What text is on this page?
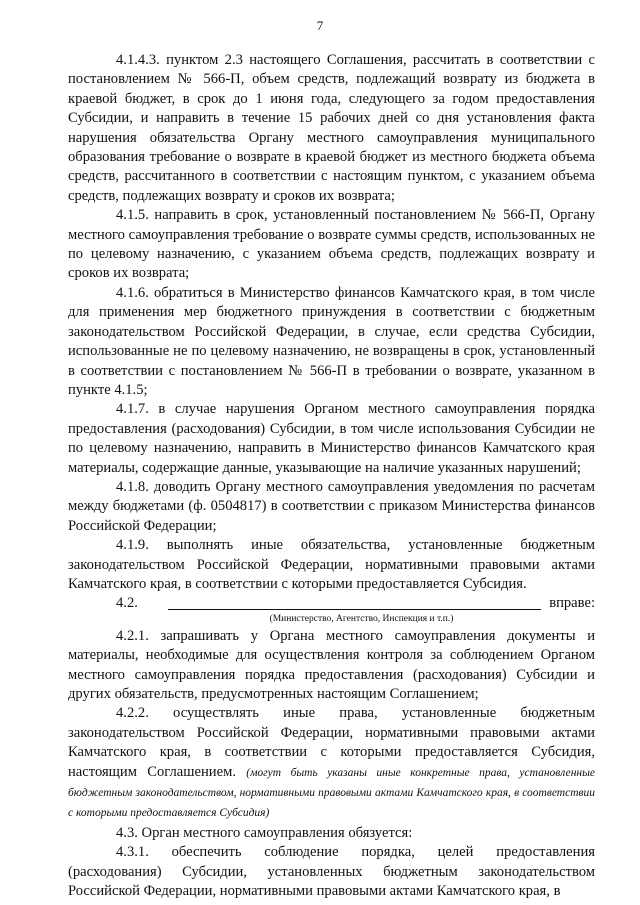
7

4.1.4.3. пунктом 2.3 настоящего Соглашения, рассчитать в соответствии с постановлением № 566-П, объем средств, подлежащий возврату из бюджета в краевой бюджет, в срок до 1 июня года, следующего за годом предоставления Субсидии, и направить в течение 15 рабочих дней со дня установления факта нарушения обязательства Органу местного самоуправления муниципального образования требование о возврате в краевой бюджет из местного бюджета объема средств, рассчитанного в соответствии с настоящим пунктом, с указанием объема средств, подлежащих возврату и сроков их возврата;

4.1.5. направить в срок, установленный постановлением № 566-П, Органу местного самоуправления требование о возврате суммы средств, использованных не по целевому назначению, с указанием объема средств, подлежащих возврату и сроков их возврата;

4.1.6. обратиться в Министерство финансов Камчатского края, в том числе для применения мер бюджетного принуждения в соответствии с бюджетным законодательством Российской Федерации, в случае, если средства Субсидии, использованные не по целевому назначению, не возвращены в срок, установленный в соответствии с постановлением № 566-П в требовании о возврате, указанном в пункте 4.1.5;

4.1.7. в случае нарушения Органом местного самоуправления порядка предоставления (расходования) Субсидии, в том числе использования Субсидии не по целевому назначению, направить в Министерство финансов Камчатского края материалы, содержащие данные, указывающие на наличие указанных нарушений;

4.1.8. доводить Органу местного самоуправления уведомления по расчетам между бюджетами (ф. 0504817) в соответствии с приказом Министерства финансов Российской Федерации;

4.1.9. выполнять иные обязательства, установленные бюджетным законодательством Российской Федерации, нормативными правовыми актами Камчатского края, в соответствии с которыми предоставляется Субсидия.

4.2.	вправе:
(Министерство, Агентство, Инспекция и т.п.)

4.2.1. запрашивать у Органа местного самоуправления документы и материалы, необходимые для осуществления контроля за соблюдением Органом местного самоуправления порядка предоставления (расходования) Субсидии и других обязательств, предусмотренных настоящим Соглашением;

4.2.2. осуществлять иные права, установленные бюджетным законодательством Российской Федерации, нормативными правовыми актами Камчатского края, в соответствии с которыми предоставляется Субсидия, настоящим Соглашением. (могут быть указаны иные конкретные права, установленные бюджетным законодательством, нормативными правовыми актами Камчатского края, в соответствии с которыми предоставляется Субсидия)

4.3. Орган местного самоуправления обязуется:

4.3.1. обеспечить соблюдение порядка, целей предоставления (расходования) Субсидии, установленных бюджетным законодательством Российской Федерации, нормативными правовыми актами Камчатского края, в
